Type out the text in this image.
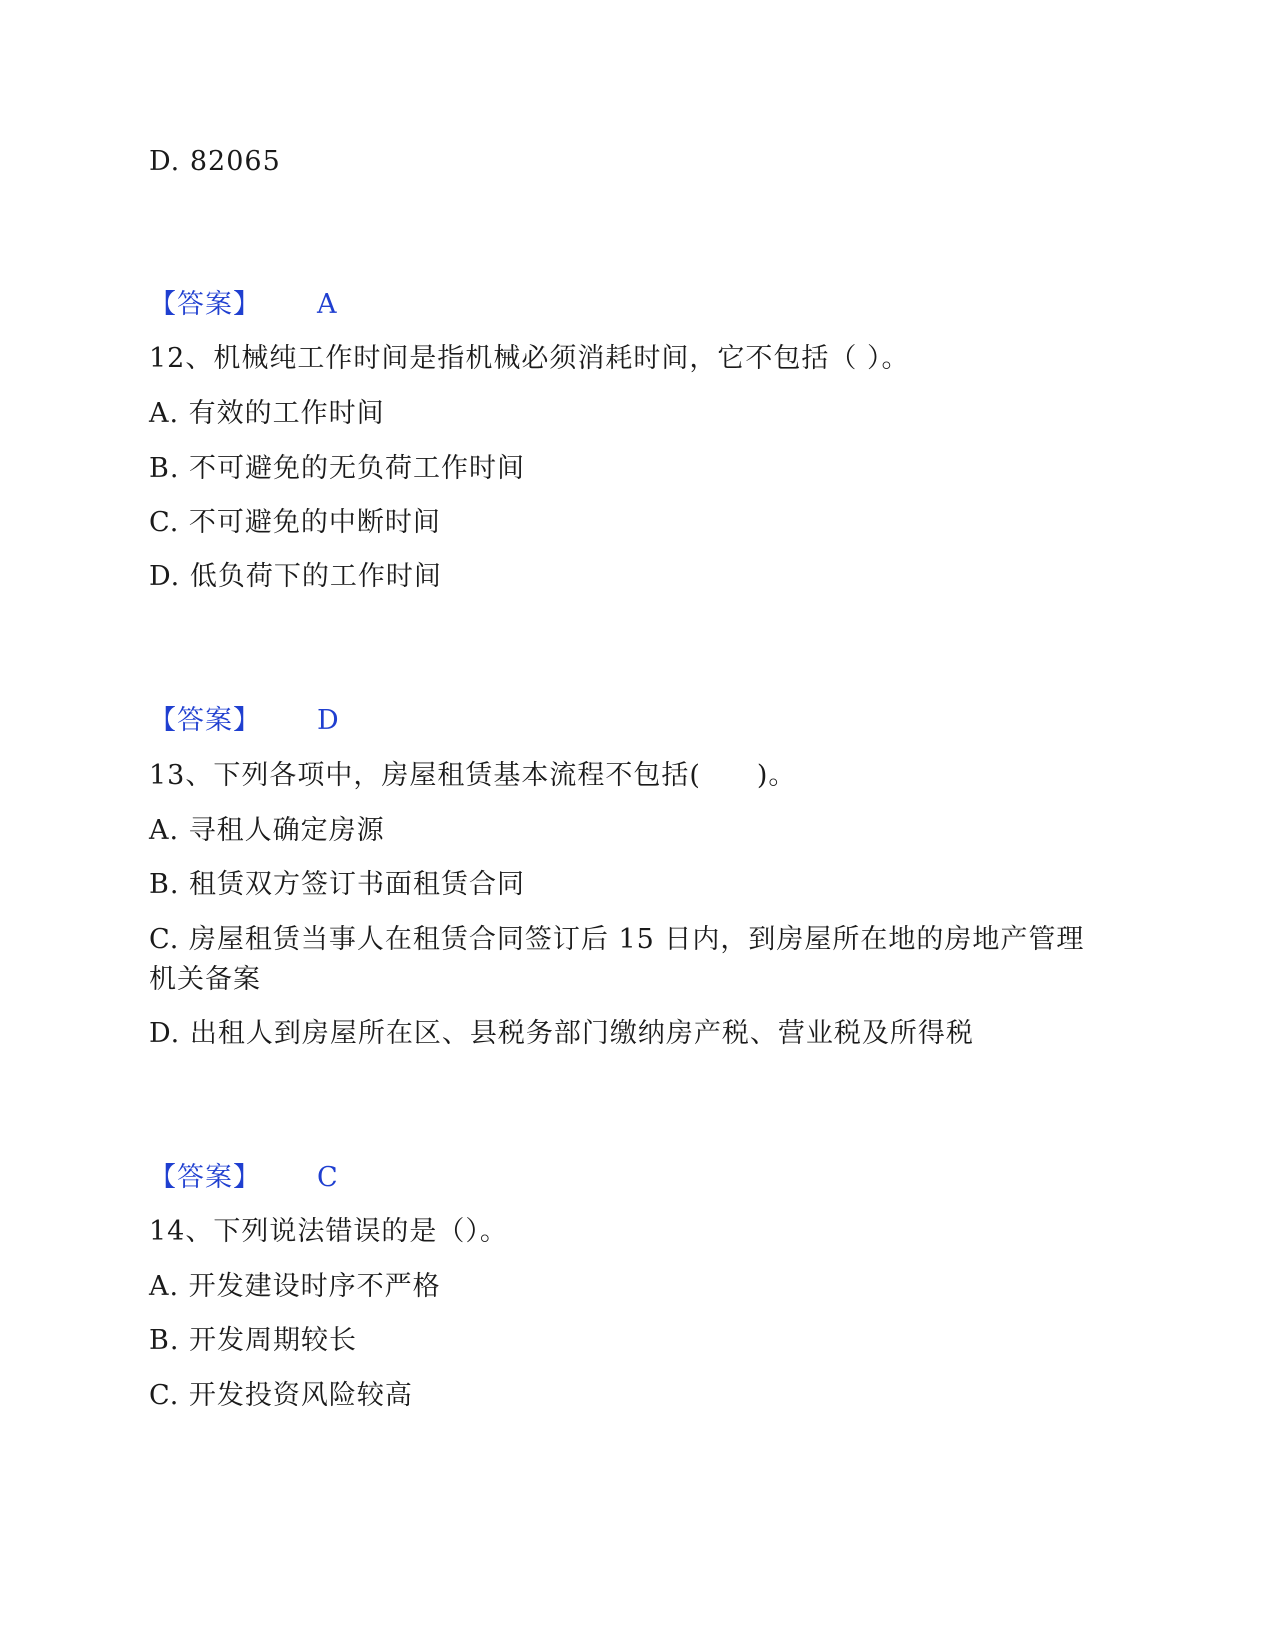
D. 82065
【答案】 A
12、机械纯工作时间是指机械必须消耗时间，它不包括（ ）。
A. 有效的工作时间
B. 不可避免的无负荷工作时间
C. 不可避免的中断时间
D. 低负荷下的工作时间
【答案】 D
13、下列各项中，房屋租赁基本流程不包括(　　)。
A. 寻租人确定房源
B. 租赁双方签订书面租赁合同
C. 房屋租赁当事人在租赁合同签订后 15 日内，到房屋所在地的房地产管理机关备案
D. 出租人到房屋所在区、县税务部门缴纳房产税、营业税及所得税
【答案】 C
14、下列说法错误的是（）。
A. 开发建设时序不严格
B. 开发周期较长
C. 开发投资风险较高
